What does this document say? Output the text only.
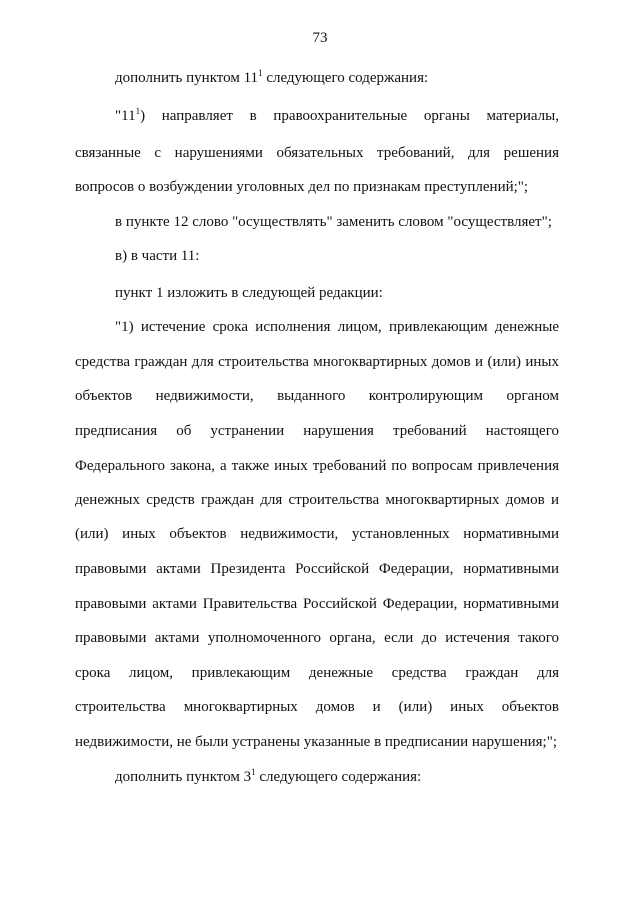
73
дополнить пунктом $11^1$ следующего содержания:
"$11^1$) направляет в правоохранительные органы материалы,
связанные с нарушениями обязательных требований, для решения
вопросов о возбуждении уголовных дел по признакам преступлений;";
в пункте 12 слово "осуществлять" заменить словом "осуществляет";
в) в части 11:
пункт 1 изложить в следующей редакции:
"1) истечение срока исполнения лицом, привлекающим денежные
средства граждан для строительства многоквартирных домов и (или) иных
объектов недвижимости, выданного контролирующим органом
предписания об устранении нарушения требований настоящего
Федерального закона, а также иных требований по вопросам привлечения
денежных средств граждан для строительства многоквартирных домов и
(или) иных объектов недвижимости, установленных нормативными
правовыми актами Президента Российской Федерации, нормативными
правовыми актами Правительства Российской Федерации, нормативными
правовыми актами уполномоченного органа, если до истечения такого
срока лицом, привлекающим денежные средства граждан для
строительства многоквартирных домов и (или) иных объектов
недвижимости, не были устранены указанные в предписании нарушения;";
дополнить пунктом $3^1$ следующего содержания:
